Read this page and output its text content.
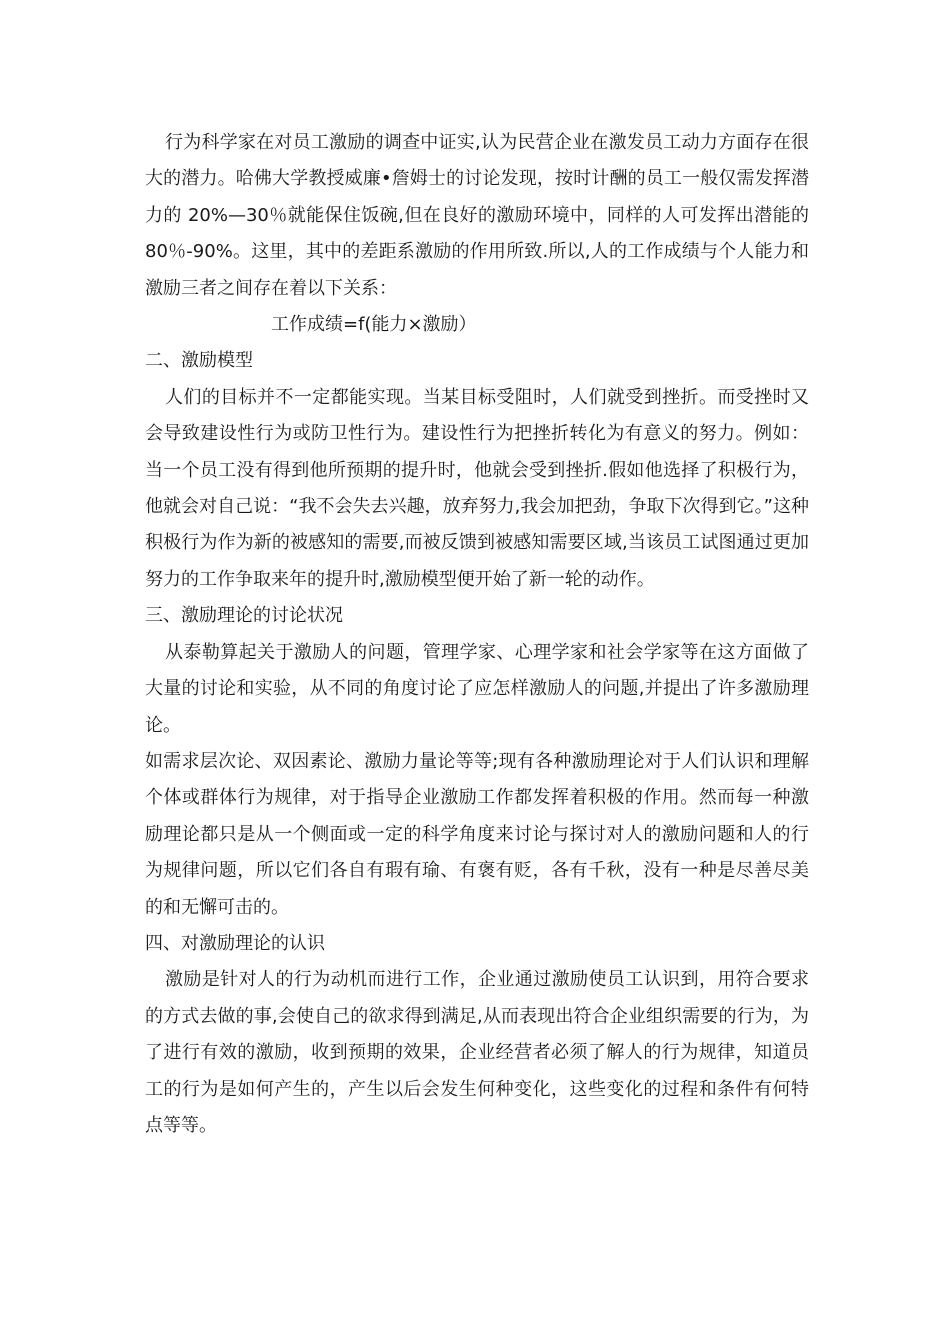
行为科学家在对员工激励的调查中证实,认为民营企业在激发员工动力方面存在很大的潜力。哈佛大学教授威廉•詹姆士的讨论发现，按时计酬的员工一般仅需发挥潜力的 20%—30％就能保住饭碗,但在良好的激励环境中，同样的人可发挥出潜能的 80％-90%。这里，其中的差距系激励的作用所致.所以,人的工作成绩与个人能力和激励三者之间存在着以下关系：

工作成绩=f(能力×激励）

二、激励模型

人们的目标并不一定都能实现。当某目标受阻时，人们就受到挫折。而受挫时又会导致建设性行为或防卫性行为。建设性行为把挫折转化为有意义的努力。例如：当一个员工没有得到他所预期的提升时，他就会受到挫折.假如他选择了积极行为，他就会对自己说：“我不会失去兴趣，放弃努力,我会加把劲，争取下次得到它。”这种积极行为作为新的被感知的需要,而被反馈到被感知需要区域,当该员工试图通过更加努力的工作争取来年的提升时,激励模型便开始了新一轮的动作。

三、激励理论的讨论状况

从泰勒算起关于激励人的问题，管理学家、心理学家和社会学家等在这方面做了大量的讨论和实验，从不同的角度讨论了应怎样激励人的问题,并提出了许多激励理论。

如需求层次论、双因素论、激励力量论等等;现有各种激励理论对于人们认识和理解个体或群体行为规律，对于指导企业激励工作都发挥着积极的作用。然而每一种激励理论都只是从一个侧面或一定的科学角度来讨论与探讨对人的激励问题和人的行为规律问题，所以它们各自有瑕有瑜、有褒有贬，各有千秋，没有一种是尽善尽美的和无懈可击的。

四、对激励理论的认识

激励是针对人的行为动机而进行工作，企业通过激励使员工认识到，用符合要求的方式去做的事,会使自己的欲求得到满足,从而表现出符合企业组织需要的行为，为了进行有效的激励，收到预期的效果，企业经营者必须了解人的行为规律，知道员工的行为是如何产生的，产生以后会发生何种变化，这些变化的过程和条件有何特点等等。
